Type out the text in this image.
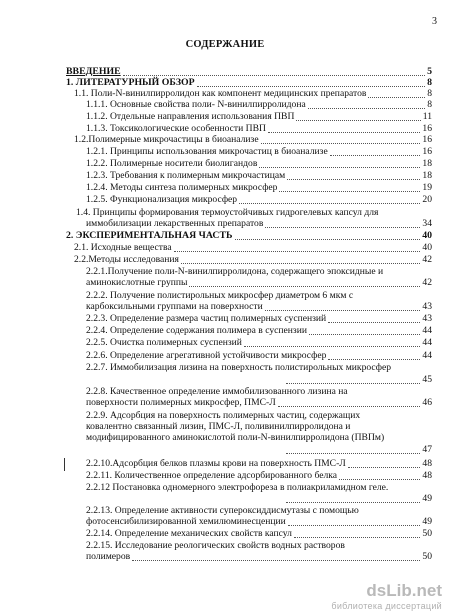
3
СОДЕРЖАНИЕ
ВВЕДЕНИЕ	5
1. ЛИТЕРАТУРНЫЙ ОБЗОР	8
1.1. Поли-N-винилпирролидон как компонент медицинских препаратов	8
1.1.1. Основные свойства поли- N-винилпирролидона	8
1.1.2. Отдельные направления использования ПВП	11
1.1.3. Токсикологические особенности ПВП	16
1.2.Полимерные микрочастицы в биоанализе	16
1.2.1. Принципы использования микрочастиц в биоанализе	16
1.2.2. Полимерные носители биолигандов	18
1.2.3. Требования к полимерным микрочастицам	18
1.2.4. Методы синтеза полимерных микросфер	19
1.2.5. Функционализация микросфер	20
1.4. Принципы формирования термоустойчивых гидрогелевых капсул для
иммобилизации лекарственных препаратов	34
2. ЭКСПЕРИМЕНТАЛЬНАЯ ЧАСТЬ	40
2.1. Исходные вещества	40
2.2.Методы исследования	42
2.2.1.Получение поли-N-винилпирролидона, содержащего эпоксидные и
аминокислотные группы	42
2.2.2. Получение полистирольных микросфер диаметром 6 мкм с
карбоксильными группами на поверхности	43
2.2.3. Определение размера частиц полимерных суспензий	43
2.2.4. Определение содержания полимера в суспензии	44
2.2.5. Очистка полимерных суспензий	44
2.2.6. Определение агрегативной устойчивости микросфер	44
2.2.7. Иммобилизация лизина на поверхность полистирольных микросфер
45
2.2.8. Качественное определение иммобилизованного лизина на
поверхности полимерных микросфер, ПМС-Л	46
2.2.9. Адсорбция на поверхность полимерных частиц, содержащих
ковалентно связанный лизин, ПМС-Л, поливинилпирролидона и
модифицированного аминокислотой поли-N-винилпирролидона (ПВПм)
47
2.2.10.Адсорбция белков плазмы крови на поверхность ПМС-Л	48
2.2.11. Количественное определение адсорбированного белка	48
2.2.12 Постановка одномерного электрофореза в полиакриламидном геле.
49
2.2.13. Определение активности супероксиддисмутазы с помощью
фотосенсибилизированной хемилюминесценции	49
2.2.14. Определение механических свойств капсул	50
2.2.15. Исследование реологических свойств водных растворов
полимеров	50
dsLib.net
библиотека диссертаций
